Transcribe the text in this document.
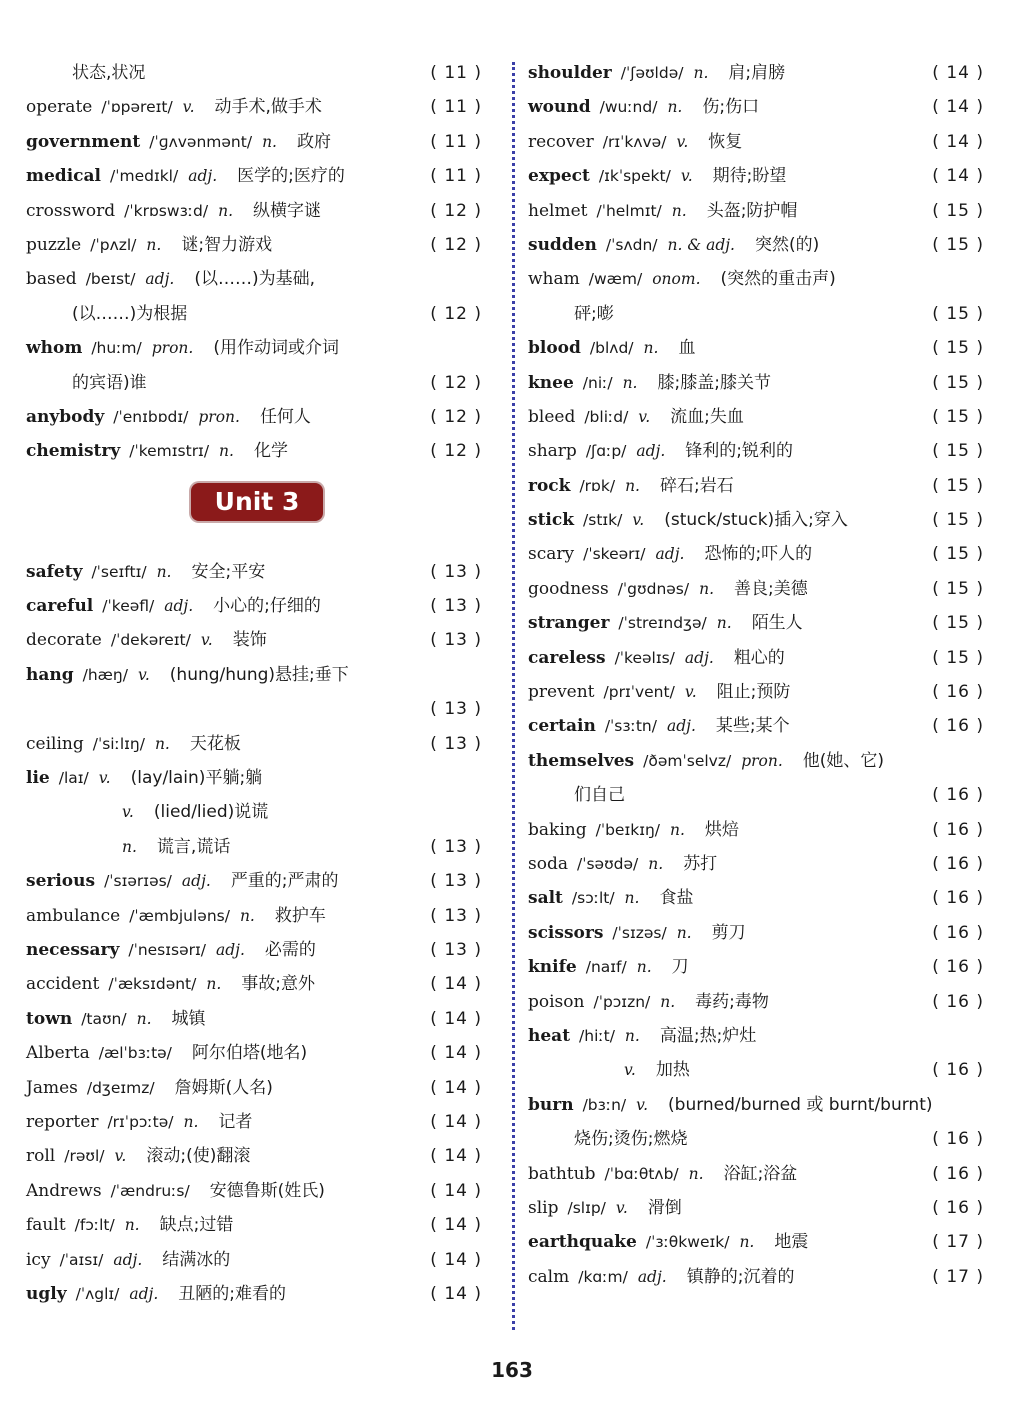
状态,状况	( 11 )
operate /ˈɒpəreɪt/ v. 动手术,做手术	( 11 )
government /ˈɡʌvənmənt/ n. 政府	( 11 )
medical /ˈmedɪkl/ adj. 医学的;医疗的	( 11 )
crossword /ˈkrɒswɜːd/ n. 纵横字谜	( 12 )
puzzle /ˈpʌzl/ n. 谜;智力游戏	( 12 )
based /beɪst/ adj. (以……)为基础,
(以……)为根据	( 12 )
whom /huːm/ pron. (用作动词或介词
的宾语)谁	( 12 )
anybody /ˈenɪbɒdɪ/ pron. 任何人	( 12 )
chemistry /ˈkemɪstrɪ/ n. 化学	( 12 )
Unit 3
safety /ˈseɪftɪ/ n. 安全;平安	( 13 )
careful /ˈkeəfl/ adj. 小心的;仔细的	( 13 )
decorate /ˈdekəreɪt/ v. 装饰	( 13 )
hang /hæŋ/ v. (hung/hung)悬挂;垂下
( 13 )
ceiling /ˈsiːlɪŋ/ n. 天花板	( 13 )
lie /laɪ/ v. (lay/lain)平躺;躺
v. (lied/lied)说谎
n. 谎言,谎话	( 13 )
serious /ˈsɪərɪəs/ adj. 严重的;严肃的	( 13 )
ambulance /ˈæmbjuləns/ n. 救护车	( 13 )
necessary /ˈnesɪsərɪ/ adj. 必需的	( 13 )
accident /ˈæksɪdənt/ n. 事故;意外	( 14 )
town /taʊn/ n. 城镇	( 14 )
Alberta /ælˈbɜːtə/ 阿尔伯塔(地名)	( 14 )
James /dʒeɪmz/ 詹姆斯(人名)	( 14 )
reporter /rɪˈpɔːtə/ n. 记者	( 14 )
roll /rəʊl/ v. 滚动;(使)翻滚	( 14 )
Andrews /ˈændruːs/ 安德鲁斯(姓氏)	( 14 )
fault /fɔːlt/ n. 缺点;过错	( 14 )
icy /ˈaɪsɪ/ adj. 结满冰的	( 14 )
ugly /ˈʌglɪ/ adj. 丑陋的;难看的	( 14 )
shoulder /ˈʃəʊldə/ n. 肩;肩膀	( 14 )
wound /wuːnd/ n. 伤;伤口	( 14 )
recover /rɪˈkʌvə/ v. 恢复	( 14 )
expect /ɪkˈspekt/ v. 期待;盼望	( 14 )
helmet /ˈhelmɪt/ n. 头盔;防护帽	( 15 )
sudden /ˈsʌdn/ n. & adj. 突然(的)	( 15 )
wham /wæm/ onom. (突然的重击声)
砰;嘭	( 15 )
blood /blʌd/ n. 血	( 15 )
knee /niː/ n. 膝;膝盖;膝关节	( 15 )
bleed /bliːd/ v. 流血;失血	( 15 )
sharp /ʃɑːp/ adj. 锋利的;锐利的	( 15 )
rock /rɒk/ n. 碎石;岩石	( 15 )
stick /stɪk/ v. (stuck/stuck)插入;穿入	( 15 )
scary /ˈskeərɪ/ adj. 恐怖的;吓人的	( 15 )
goodness /ˈgʊdnəs/ n. 善良;美德	( 15 )
stranger /ˈstreɪndʒə/ n. 陌生人	( 15 )
careless /ˈkeəlɪs/ adj. 粗心的	( 15 )
prevent /prɪˈvent/ v. 阻止;预防	( 16 )
certain /ˈsɜːtn/ adj. 某些;某个	( 16 )
themselves /ðəmˈselvz/ pron. 他(她、它)
们自己	( 16 )
baking /ˈbeɪkɪŋ/ n. 烘焙	( 16 )
soda /ˈsəʊdə/ n. 苏打	( 16 )
salt /sɔːlt/ n. 食盐	( 16 )
scissors /ˈsɪzəs/ n. 剪刀	( 16 )
knife /naɪf/ n. 刀	( 16 )
poison /ˈpɔɪzn/ n. 毒药;毒物	( 16 )
heat /hiːt/ n. 高温;热;炉灶
v. 加热	( 16 )
burn /bɜːn/ v. (burned/burned 或 burnt/burnt)
烧伤;烫伤;燃烧	( 16 )
bathtub /ˈbɑːθtʌb/ n. 浴缸;浴盆	( 16 )
slip /slɪp/ v. 滑倒	( 16 )
earthquake /ˈɜːθkweɪk/ n. 地震	( 17 )
calm /kɑːm/ adj. 镇静的;沉着的	( 17 )
163
